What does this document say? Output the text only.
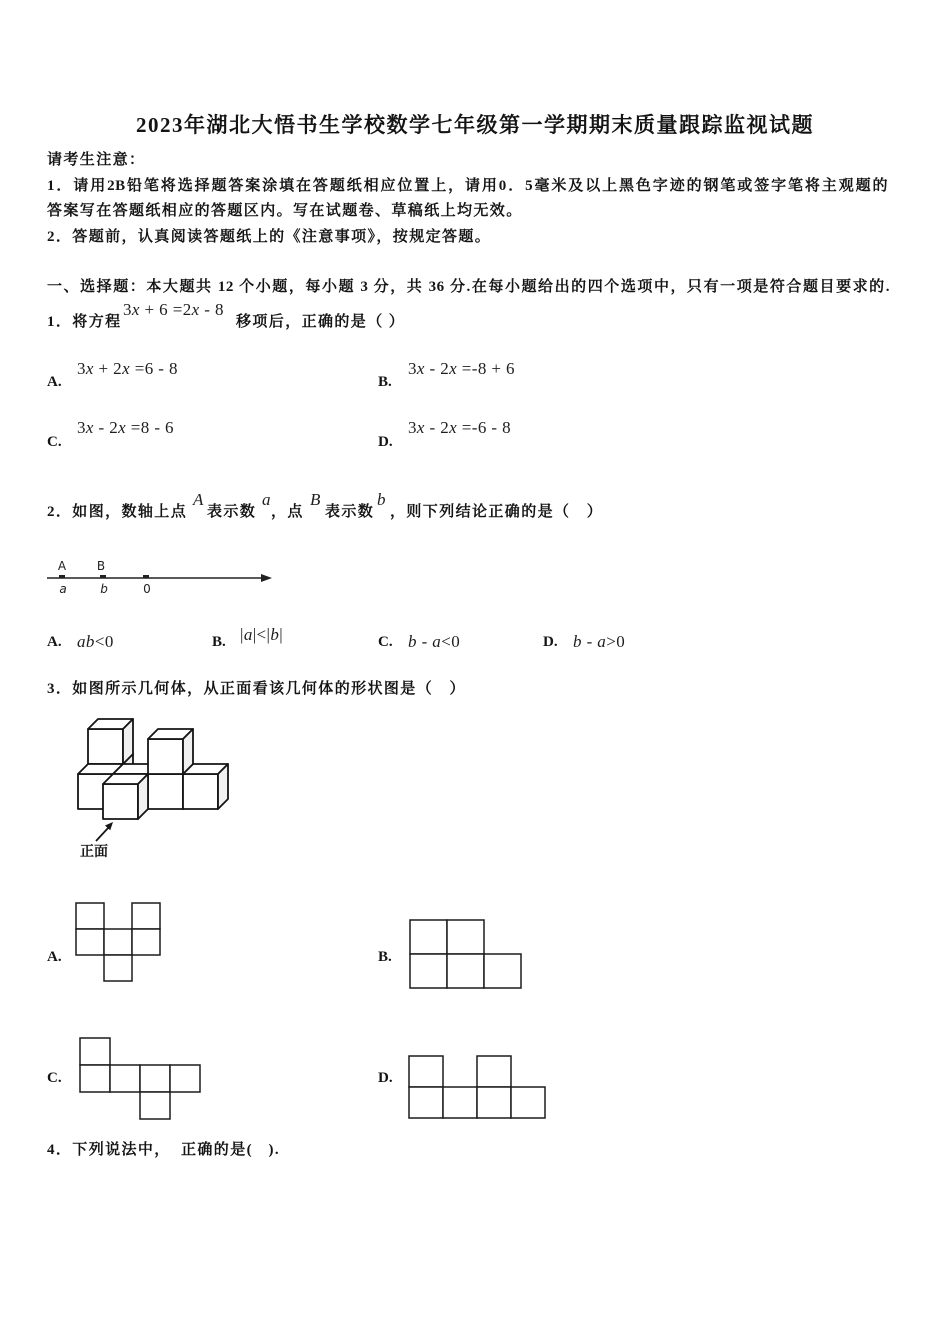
2023年湖北大悟书生学校数学七年级第一学期期末质量跟踪监视试题
请考生注意：
1．请用2B铅笔将选择题答案涂填在答题纸相应位置上，请用0．5毫米及以上黑色字迹的钢笔或签字笔将主观题的
答案写在答题纸相应的答题区内。写在试题卷、草稿纸上均无效。
2．答题前，认真阅读答题纸上的《注意事项》，按规定答题。
一、选择题：本大题共 12 个小题，每小题 3 分，共 36 分.在每小题给出的四个选项中，只有一项是符合题目要求的.
1．将方程
3x + 6 =2x - 8
移项后，正确的是（ ）
A.
3x + 2x =6 - 8
B.
3x - 2x =-8 + 6
C.
3x - 2x =8 - 6
D.
3x - 2x =-6 - 8
2．如图，数轴上点
A
表示数
a
，点
B
表示数
b
，则下列结论正确的是（　）
A	B
a	b	0
A. ab<0	B. |a|<|b|	C. b - a<0	D. b - a>0
3．如图所示几何体，从正面看该几何体的形状图是（　）
正面
A.	B.
C.	D.
4．下列说法中，  正确的是(   ).
